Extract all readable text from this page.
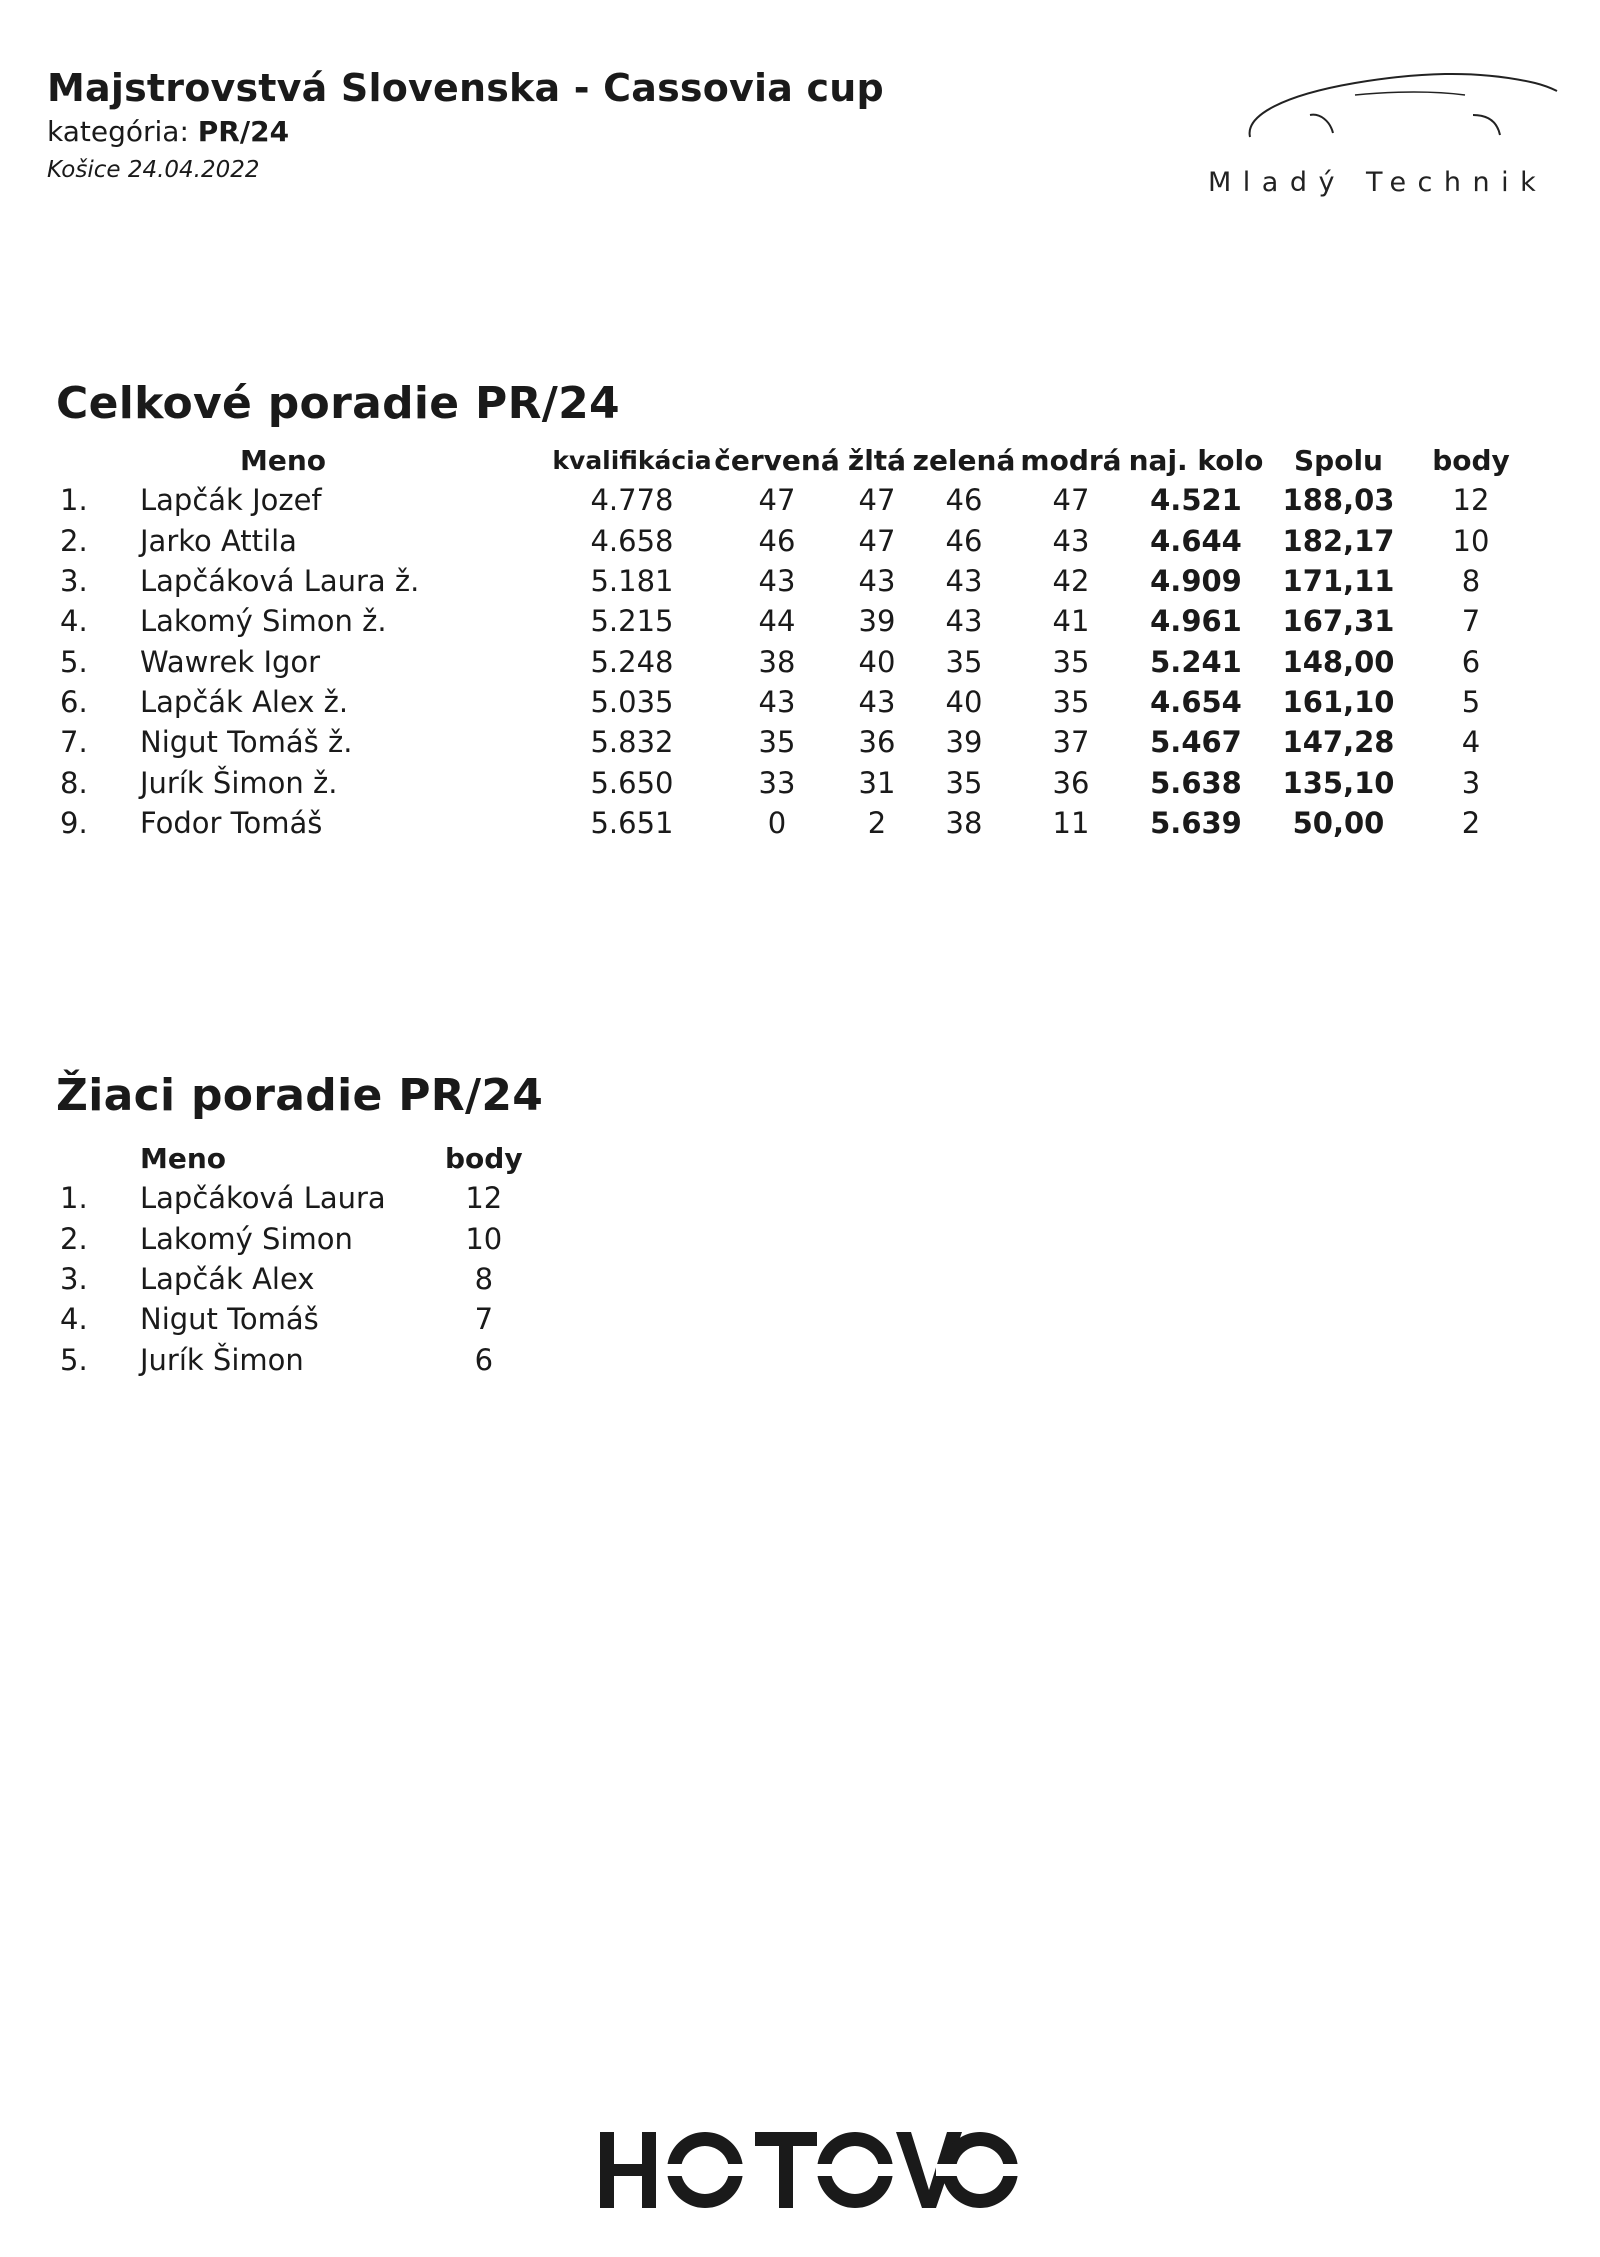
Majstrovstvá Slovenska - Cassovia cup
kategória: PR/24
Košice 24.04.2022	Mladý Technik
Celkové poradie PR/24
	Meno	kvalifikácia	červená	žltá	zelená	modrá	naj. kolo	Spolu	body
1.	Lapčák Jozef	4.778	47	47	46	47	4.521	188,03	12
2.	Jarko Attila	4.658	46	47	46	43	4.644	182,17	10
3.	Lapčáková Laura ž.	5.181	43	43	43	42	4.909	171,11	8
4.	Lakomý Simon ž.	5.215	44	39	43	41	4.961	167,31	7
5.	Wawrek Igor	5.248	38	40	35	35	5.241	148,00	6
6.	Lapčák Alex ž.	5.035	43	43	40	35	4.654	161,10	5
7.	Nigut Tomáš ž.	5.832	35	36	39	37	5.467	147,28	4
8.	Jurík Šimon ž.	5.650	33	31	35	36	5.638	135,10	3
9.	Fodor Tomáš	5.651	0	2	38	11	5.639	50,00	2
Žiaci poradie PR/24
	Meno	body
1.	Lapčáková Laura	12
2.	Lakomý Simon	10
3.	Lapčák Alex	8
4.	Nigut Tomáš	7
5.	Jurík Šimon	6
